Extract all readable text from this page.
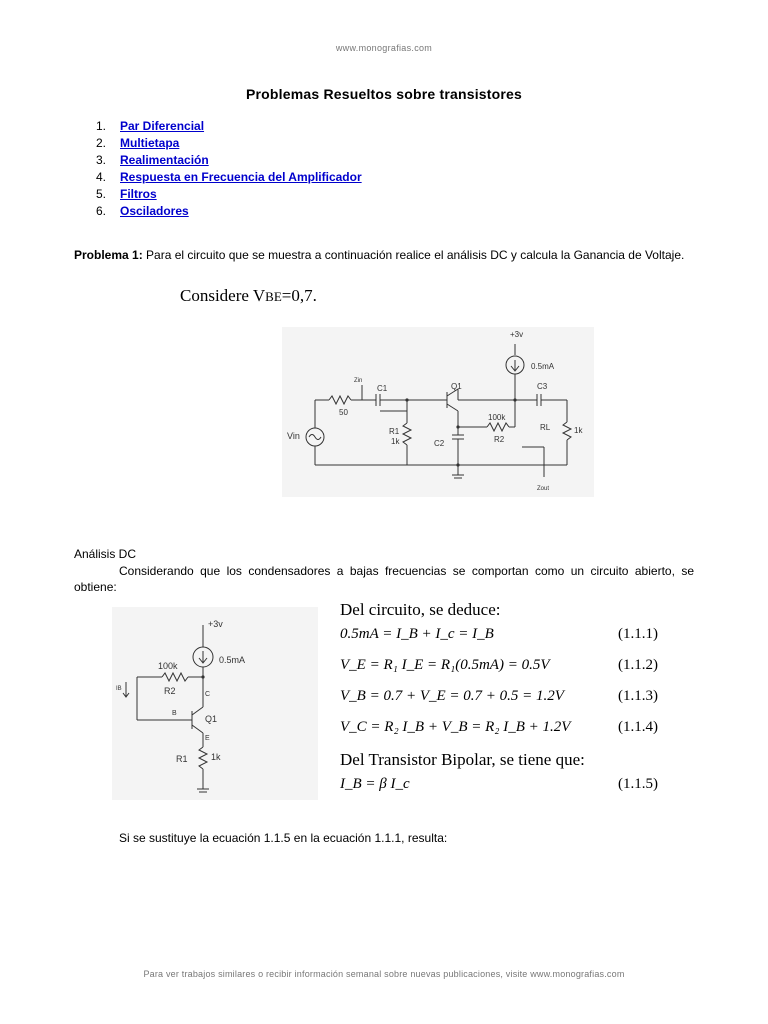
www.monografias.com
Problemas Resueltos sobre transistores
1. Par Diferencial
2. Multietapa
3. Realimentación
4. Respuesta en Frecuencia del Amplificador
5. Filtros
6. Osciladores
Problema 1: Para el circuito que se muestra a continuación realice el análisis DC y calcula la Ganancia de Voltaje.
Considere VBE=0,7.
+3v
0.5mA
Zin
C1	Q1	C3
50
R1
1k
100k
R2
C2
RL	1k
Vin
Zout
Análisis DC
Considerando que los condensadores a bajas frecuencias se comportan como un circuito abierto, se obtiene:
+3v
0.5mA
100k
R2	C
B
Q1
E
R1	1k
IB
Del circuito, se deduce:
0.5mA = I_B + I_c = I_B	(1.1.1)
V_E = R₁ I_E = R₁(0.5mA) = 0.5V	(1.1.2)
V_B = 0.7 + V_E = 0.7 + 0.5 = 1.2V	(1.1.3)
V_C = R₂ I_B + V_B = R₂ I_B + 1.2V	(1.1.4)
Del Transistor Bipolar, se tiene que:
I_B = β I_c	(1.1.5)
Si se sustituye la ecuación 1.1.5 en la ecuación 1.1.1, resulta:
Para ver trabajos similares o recibir información semanal sobre nuevas publicaciones, visite www.monografias.com
